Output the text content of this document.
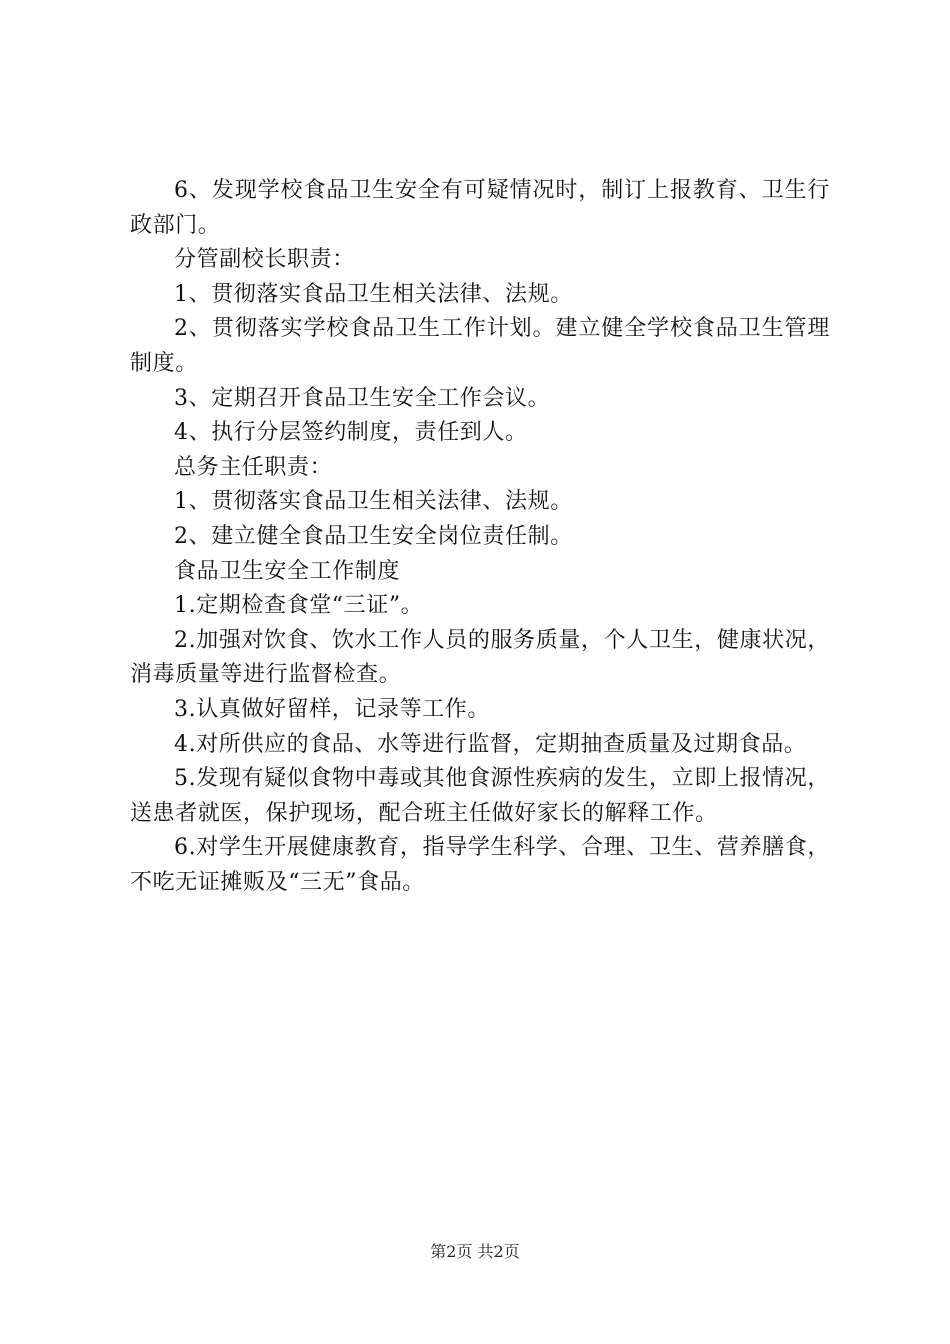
6、发现学校食品卫生安全有可疑情况时，制订上报教育、卫生行政部门。

分管副校长职责：

1、贯彻落实食品卫生相关法律、法规。

2、贯彻落实学校食品卫生工作计划。建立健全学校食品卫生管理制度。

3、定期召开食品卫生安全工作会议。

4、执行分层签约制度，责任到人。

总务主任职责：

1、贯彻落实食品卫生相关法律、法规。

2、建立健全食品卫生安全岗位责任制。

食品卫生安全工作制度

1.定期检查食堂“三证”。

2.加强对饮食、饮水工作人员的服务质量，个人卫生，健康状况，消毒质量等进行监督检查。

3.认真做好留样，记录等工作。

4.对所供应的食品、水等进行监督，定期抽查质量及过期食品。

5.发现有疑似食物中毒或其他食源性疾病的发生，立即上报情况，送患者就医，保护现场，配合班主任做好家长的解释工作。

6.对学生开展健康教育，指导学生科学、合理、卫生、营养膳食，不吃无证摊贩及“三无”食品。

第2页 共2页
